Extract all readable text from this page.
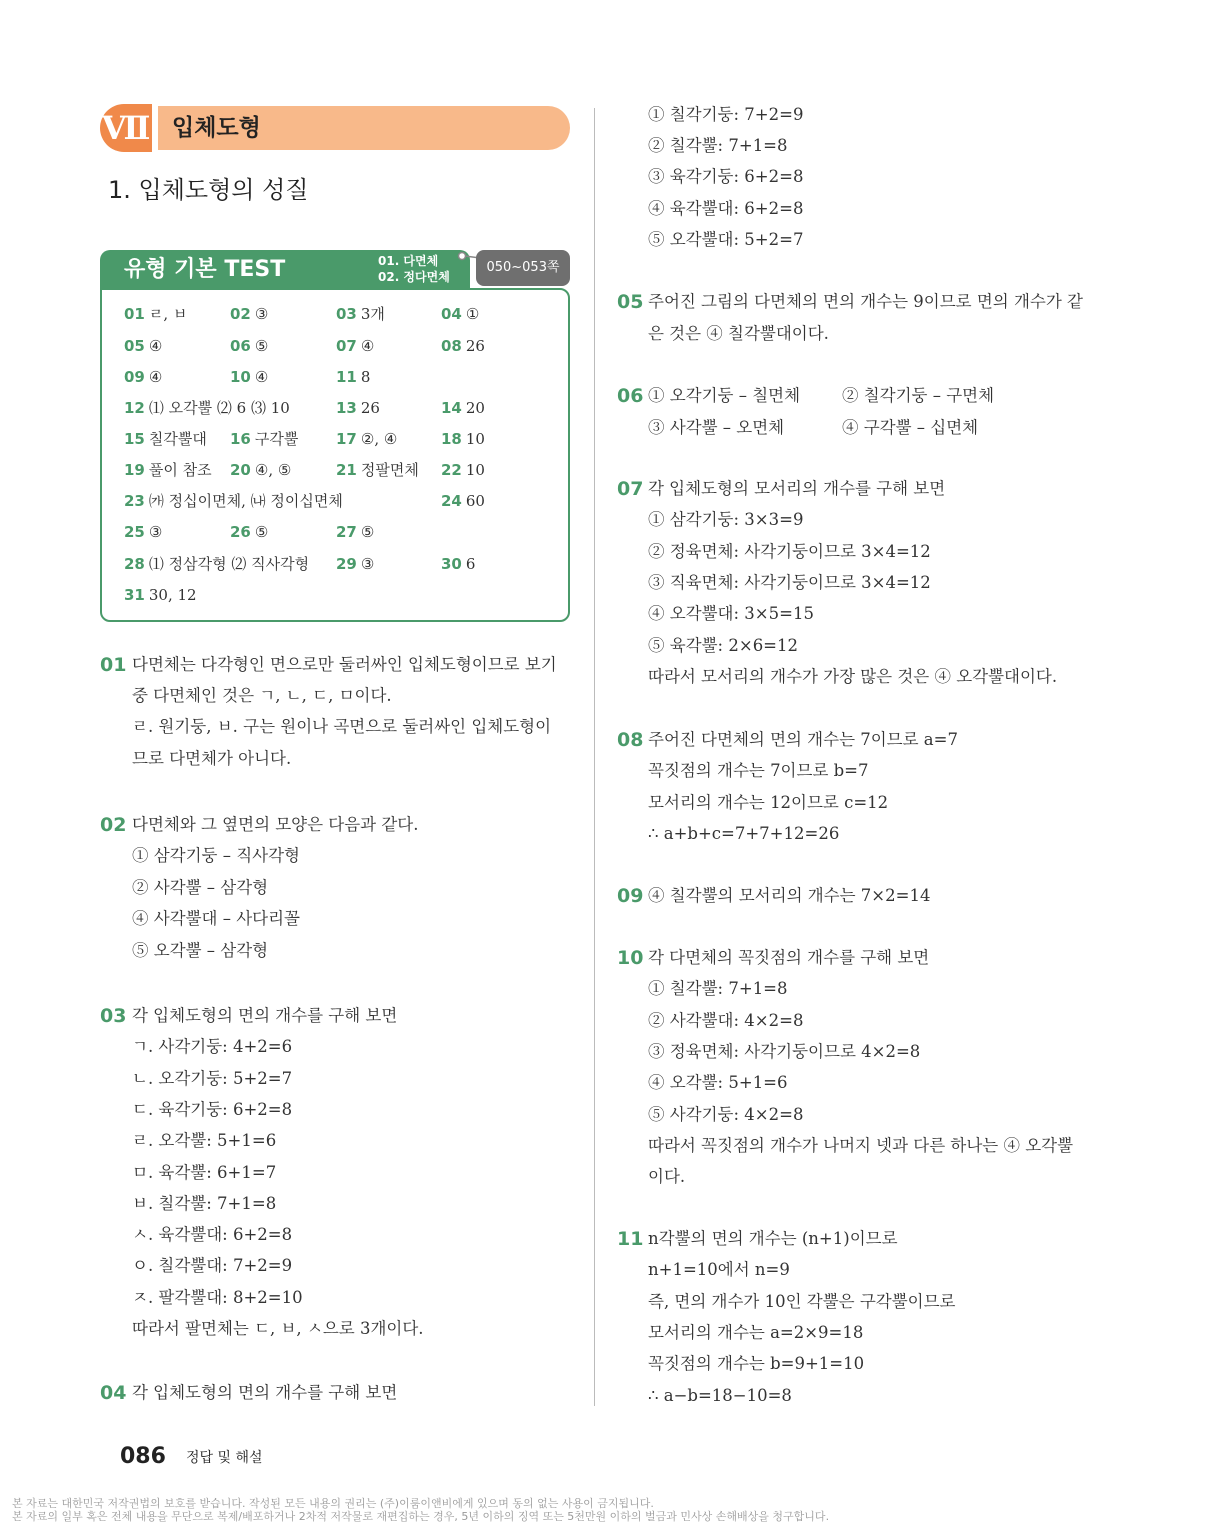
Ⅶ 입체도형
1. 입체도형의 성질
유형 기본 TEST	01. 다면체
02. 정다면체
050~053쪽
01 ㄹ, ㅂ	02 ③	03 3개	04 ①
05 ④	06 ⑤	07 ④	08 26
09 ④	10 ④	11 8
12 ⑴ 오각뿔 ⑵ 6 ⑶ 10	13 26	14 20
15 칠각뿔대 16 구각뿔	17 ②, ④	18 10
19 풀이 참조 20 ④, ⑤	21 정팔면체 22 10
23 ㈎ 정십이면체, ㈏ 정이십면체	24 60
25 ③	26 ⑤	27 ⑤
28 ⑴ 정삼각형 ⑵ 직사각형 29 ③	30 6
31 30, 12
01 다면체는 다각형인 면으로만 둘러싸인 입체도형이므로 보기
중 다면체인 것은 ㄱ, ㄴ, ㄷ, ㅁ이다.
ㄹ. 원기둥, ㅂ. 구는 원이나 곡면으로 둘러싸인 입체도형이
므로 다면체가 아니다.
02 다면체와 그 옆면의 모양은 다음과 같다.
① 삼각기둥 – 직사각형
② 사각뿔 – 삼각형
④ 사각뿔대 – 사다리꼴
⑤ 오각뿔 – 삼각형
03 각 입체도형의 면의 개수를 구해 보면
ㄱ. 사각기둥: 4+2=6
ㄴ. 오각기둥: 5+2=7
ㄷ. 육각기둥: 6+2=8
ㄹ. 오각뿔: 5+1=6
ㅁ. 육각뿔: 6+1=7
ㅂ. 칠각뿔: 7+1=8
ㅅ. 육각뿔대: 6+2=8
ㅇ. 칠각뿔대: 7+2=9
ㅈ. 팔각뿔대: 8+2=10
따라서 팔면체는 ㄷ, ㅂ, ㅅ으로 3개이다.
04 각 입체도형의 면의 개수를 구해 보면
① 칠각기둥: 7+2=9
② 칠각뿔: 7+1=8
③ 육각기둥: 6+2=8
④ 육각뿔대: 6+2=8
⑤ 오각뿔대: 5+2=7
05 주어진 그림의 다면체의 면의 개수는 9이므로 면의 개수가 같
은 것은 ④ 칠각뿔대이다.
06 ① 오각기둥 – 칠면체	② 칠각기둥 – 구면체
③ 사각뿔 – 오면체	④ 구각뿔 – 십면체
07 각 입체도형의 모서리의 개수를 구해 보면
① 삼각기둥: 3×3=9
② 정육면체: 사각기둥이므로 3×4=12
③ 직육면체: 사각기둥이므로 3×4=12
④ 오각뿔대: 3×5=15
⑤ 육각뿔: 2×6=12
따라서 모서리의 개수가 가장 많은 것은 ④ 오각뿔대이다.
08 주어진 다면체의 면의 개수는 7이므로 a=7
꼭짓점의 개수는 7이므로 b=7
모서리의 개수는 12이므로 c=12
∴ a+b+c=7+7+12=26
09 ④ 칠각뿔의 모서리의 개수는 7×2=14
10 각 다면체의 꼭짓점의 개수를 구해 보면
① 칠각뿔: 7+1=8
② 사각뿔대: 4×2=8
③ 정육면체: 사각기둥이므로 4×2=8
④ 오각뿔: 5+1=6
⑤ 사각기둥: 4×2=8
따라서 꼭짓점의 개수가 나머지 넷과 다른 하나는 ④ 오각뿔
이다.
11 n각뿔의 면의 개수는 (n+1)이므로
n+1=10에서 n=9
즉, 면의 개수가 10인 각뿔은 구각뿔이므로
모서리의 개수는 a=2×9=18
꼭짓점의 개수는 b=9+1=10
∴ a−b=18−10=8
086 정답 및 해설
본 자료는 대한민국 저작권법의 보호를 받습니다. 작성된 모든 내용의 권리는 (주)이룸이앤비에게 있으며 동의 없는 사용이 금지됩니다.
본 자료의 일부 혹은 전체 내용을 무단으로 복제/배포하거나 2차적 저작물로 재편집하는 경우, 5년 이하의 징역 또는 5천만원 이하의 벌금과 민사상 손해배상을 청구합니다.
